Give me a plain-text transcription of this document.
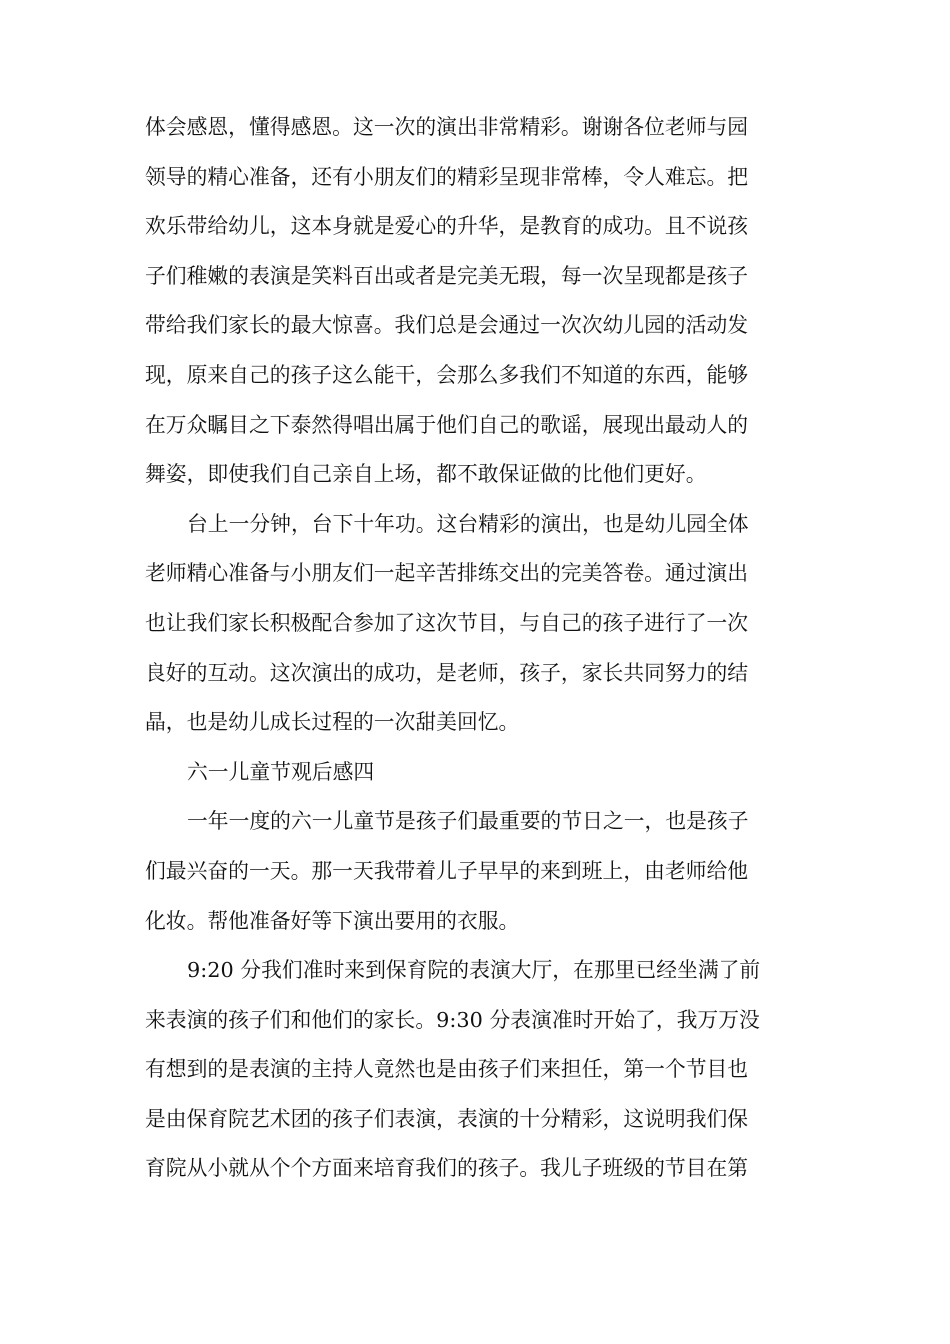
体会感恩，懂得感恩。这一次的演出非常精彩。谢谢各位老师与园
领导的精心准备，还有小朋友们的精彩呈现非常棒，令人难忘。把
欢乐带给幼儿，这本身就是爱心的升华，是教育的成功。且不说孩
子们稚嫩的表演是笑料百出或者是完美无瑕，每一次呈现都是孩子
带给我们家长的最大惊喜。我们总是会通过一次次幼儿园的活动发
现，原来自己的孩子这么能干，会那么多我们不知道的东西，能够
在万众瞩目之下泰然得唱出属于他们自己的歌谣，展现出最动人的
舞姿，即使我们自己亲自上场，都不敢保证做的比他们更好。
台上一分钟，台下十年功。这台精彩的演出，也是幼儿园全体
老师精心准备与小朋友们一起辛苦排练交出的完美答卷。通过演出
也让我们家长积极配合参加了这次节目，与自己的孩子进行了一次
良好的互动。这次演出的成功，是老师，孩子，家长共同努力的结
晶，也是幼儿成长过程的一次甜美回忆。
六一儿童节观后感四
一年一度的六一儿童节是孩子们最重要的节日之一，也是孩子
们最兴奋的一天。那一天我带着儿子早早的来到班上，由老师给他
化妆。帮他准备好等下演出要用的衣服。
9:20 分我们准时来到保育院的表演大厅，在那里已经坐满了前
来表演的孩子们和他们的家长。9:30 分表演准时开始了，我万万没
有想到的是表演的主持人竟然也是由孩子们来担任，第一个节目也
是由保育院艺术团的孩子们表演，表演的十分精彩，这说明我们保
育院从小就从个个方面来培育我们的孩子。我儿子班级的节目在第
